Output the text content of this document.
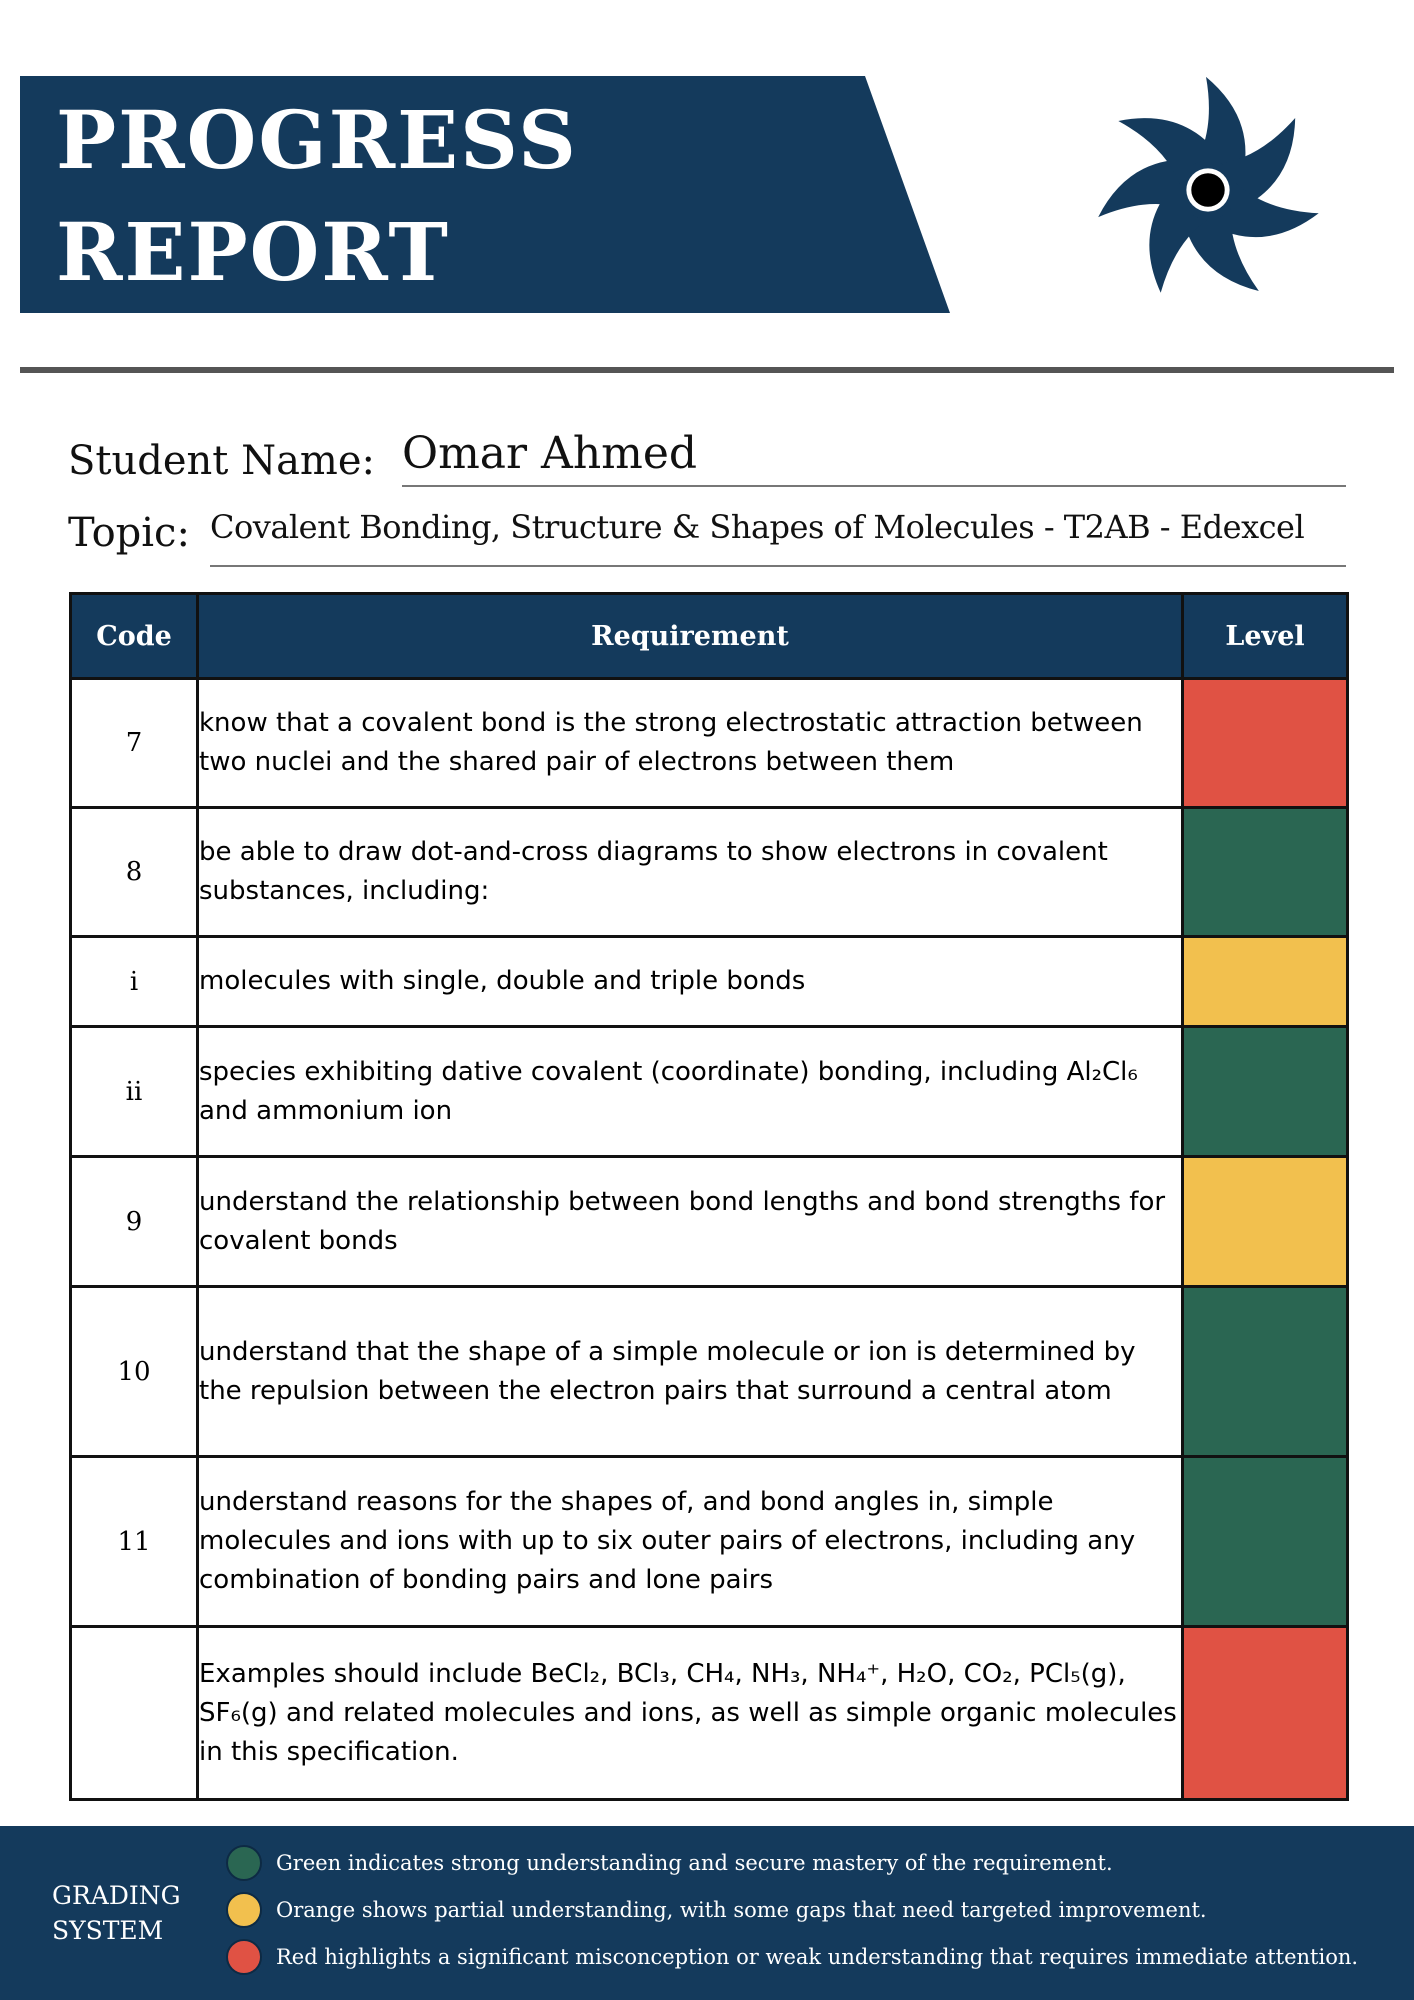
PROGRESS
REPORT
Student Name: Omar Ahmed
Topic: Covalent Bonding, Structure & Shapes of Molecules - T2AB - Edexcel
Code	Requirement	Level
7	know that a covalent bond is the strong electrostatic attraction between two nuclei and the shared pair of electrons between them	
8	be able to draw dot-and-cross diagrams to show electrons in covalent substances, including:	
i	molecules with single, double and triple bonds	
ii	species exhibiting dative covalent (coordinate) bonding, including Al₂Cl₆ and ammonium ion	
9	understand the relationship between bond lengths and bond strengths for covalent bonds	
10	understand that the shape of a simple molecule or ion is determined by the repulsion between the electron pairs that surround a central atom	
11	understand reasons for the shapes of, and bond angles in, simple molecules and ions with up to six outer pairs of electrons, including any combination of bonding pairs and lone pairs	
	Examples should include BeCl₂, BCl₃, CH₄, NH₃, NH₄⁺, H₂O, CO₂, PCl₅(g), SF₆(g) and related molecules and ions, as well as simple organic molecules in this specification.	
GRADING
SYSTEM
Green indicates strong understanding and secure mastery of the requirement.
Orange shows partial understanding, with some gaps that need targeted improvement.
Red highlights a significant misconception or weak understanding that requires immediate attention.
